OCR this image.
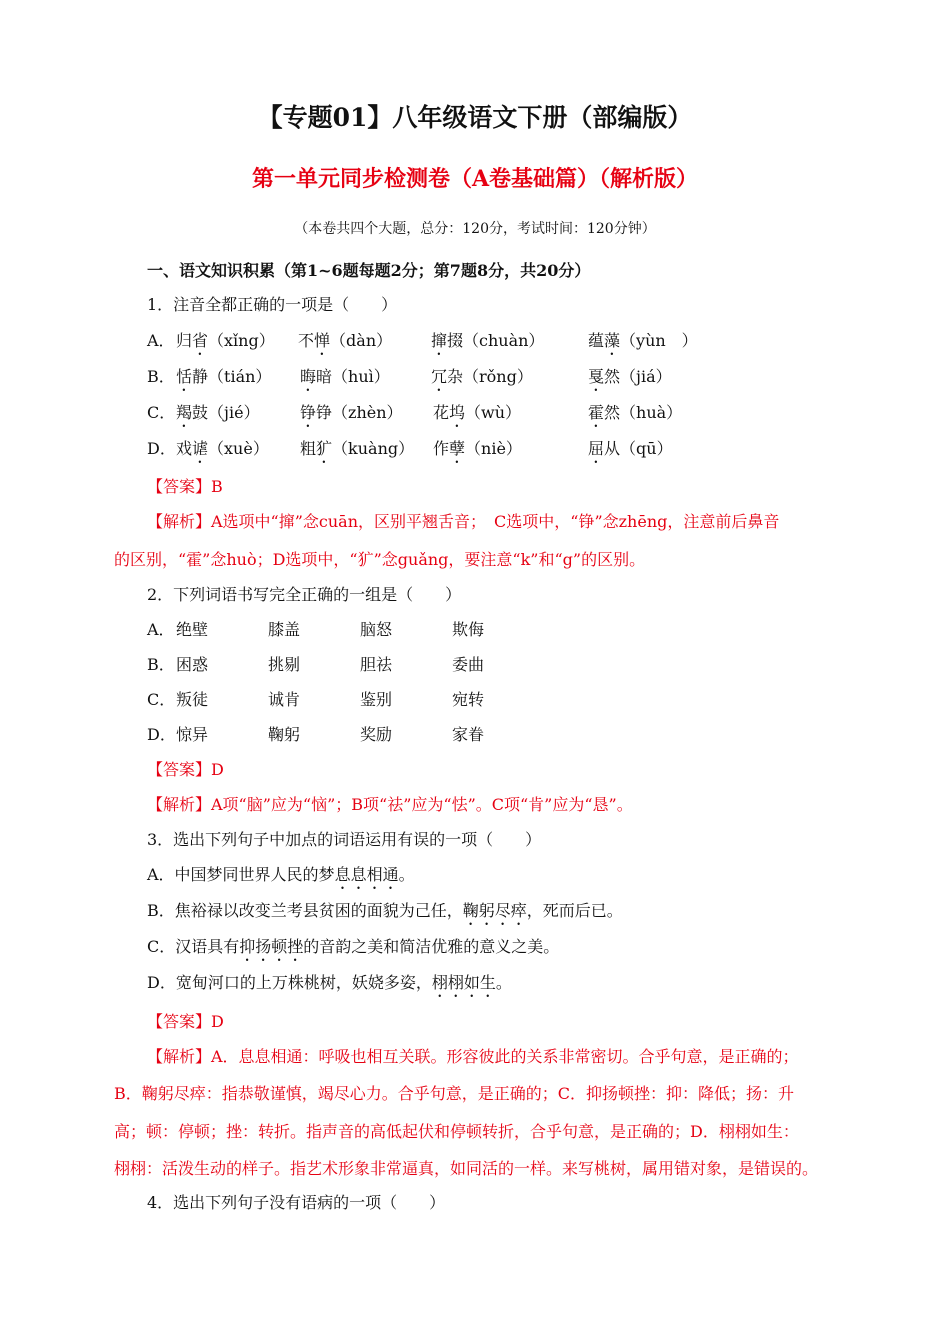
【专题01】八年级语文下册（部编版）
第一单元同步检测卷（A卷基础篇）（解析版）
（本卷共四个大题，总分：120分，考试时间：120分钟）
一、语文知识积累（第1~6题每题2分；第7题8分，共20分）
1．注音全都正确的一项是（　　）
A． 归省（xǐng） 不惮（dàn） 撺掇（chuàn）	蕴藻（yùn　）
B． 恬静（tián） 晦暗（huì）	冗杂（rǒng）	戛然（jiá）
C． 羯鼓（jié）	铮铮（zhèn） 花坞（wù）	霍然（huà）
D． 戏谑（xuè） 粗犷（kuàng） 作孽（niè）	屈从（qū）
【答案】B
【解析】A选项中“撺”念cuān，区别平翘舌音；　C选项中，“铮”念zhēng，注意前后鼻音
的区别，“霍”念huò；D选项中，“犷”念guǎng，要注意“k”和“g”的区别。
2．下列词语书写完全正确的一组是（　　）
A． 绝壁	膝盖	脑怒	欺侮
B． 困惑	挑剔	胆祛	委曲
C． 叛徒	诚肯	鉴别	宛转
D． 惊异	鞠躬	奖励	家眷
【答案】D
【解析】A项“脑”应为“恼”；B项“祛”应为“怯”。C项“肯”应为“恳”。
3．选出下列句子中加点的词语运用有误的一项（　　）
A．中国梦同世界人民的梦息息相通。
B．焦裕禄以改变兰考县贫困的面貌为己任，鞠躬尽瘁，死而后已。
C．汉语具有抑扬顿挫的音韵之美和简洁优雅的意义之美。
D．宽甸河口的上万株桃树，妖娆多姿，栩栩如生。
【答案】D
【解析】A．息息相通：呼吸也相互关联。形容彼此的关系非常密切。合乎句意，是正确的；
B．鞠躬尽瘁：指恭敬谨慎，竭尽心力。合乎句意，是正确的；C．抑扬顿挫：抑：降低；扬：升
高；顿：停顿；挫：转折。指声音的高低起伏和停顿转折，合乎句意，是正确的；D．栩栩如生：
栩栩：活泼生动的样子。指艺术形象非常逼真，如同活的一样。来写桃树，属用错对象，是错误的。
4．选出下列句子没有语病的一项（　　）
